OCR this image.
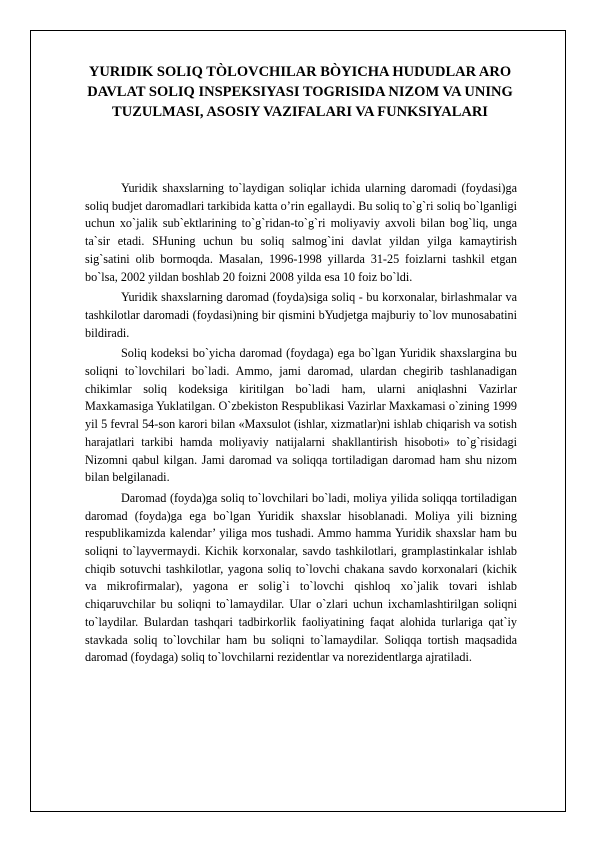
YURIDIK SOLIQ TÒLOVCHILAR BÒYICHA HUDUDLAR ARO DAVLAT SOLIQ INSPEKSIYASI TOGRISIDA NIZOM VA UNING TUZULMASI, ASOSIY VAZIFALARI VA FUNKSIYALARI

Yuridik shaxslarning to`laydigan soliqlar ichida ularning daromadi (foydasi)ga soliq budjet daromadlari tarkibida katta o’rin egallaydi. Bu soliq to`g`ri soliq bo`lganligi uchun xo`jalik sub`ektlarining to`g`ridan-to`g`ri moliyaviy axvoli bilan bog`liq, unga ta`sir etadi. SHuning uchun bu soliq salmog`ini davlat yildan yilga kamaytirish sig`satini olib bormoqda. Masalan, 1996-1998 yillarda 31-25 foizlarni tashkil etgan bo`lsa, 2002 yildan boshlab 20 foizni 2008 yilda esa 10 foiz bo`ldi.

Yuridik shaxslarning daromad (foyda)siga soliq - bu korxonalar, birlashmalar va tashkilotlar daromadi (foydasi)ning bir qismini bYudjetga majburiy to`lov munosabatini bildiradi.

Soliq kodeksi bo`yicha daromad (foydaga) ega bo`lgan Yuridik shaxslargina bu soliqni to`lovchilari bo`ladi. Ammo, jami daromad, ulardan chegirib tashlanadigan chikimlar soliq kodeksiga kiritilgan bo`ladi ham, ularni aniqlashni Vazirlar Maxkamasiga Yuklatilgan. O`zbekiston Respublikasi Vazirlar Maxkamasi o`zining 1999 yil 5 fevral 54-son karori bilan «Maxsulot (ishlar, xizmatlar)ni ishlab chiqarish va sotish harajatlari tarkibi hamda moliyaviy natijalarni shakllantirish hisoboti» to`g`risidagi Nizomni qabul kilgan. Jami daromad va soliqqa tortiladigan daromad ham shu nizom bilan belgilanadi.

Daromad (foyda)ga soliq to`lovchilari bo`ladi, moliya yilida soliqqa tortiladigan daromad (foyda)ga ega bo`lgan Yuridik shaxslar hisoblanadi. Moliya yili bizning respublikamizda kalendar’ yiliga mos tushadi. Ammo hamma Yuridik shaxslar ham bu soliqni to`layvermaydi. Kichik korxonalar, savdo tashkilotlari, gramplastinkalar ishlab chiqib sotuvchi tashkilotlar, yagona soliq to`lovchi chakana savdo korxonalari (kichik va mikrofirmalar), yagona er solig`i to`lovchi qishloq xo`jalik tovari ishlab chiqaruvchilar bu soliqni to`lamaydilar. Ular o`zlari uchun ixchamlashtirilgan soliqni to`laydilar. Bulardan tashqari tadbirkorlik faoliyatining faqat alohida turlariga qat`iy stavkada soliq to`lovchilar ham bu soliqni to`lamaydilar. Soliqqa tortish maqsadida daromad (foydaga) soliq to`lovchilarni rezidentlar va norezidentlarga ajratiladi.
